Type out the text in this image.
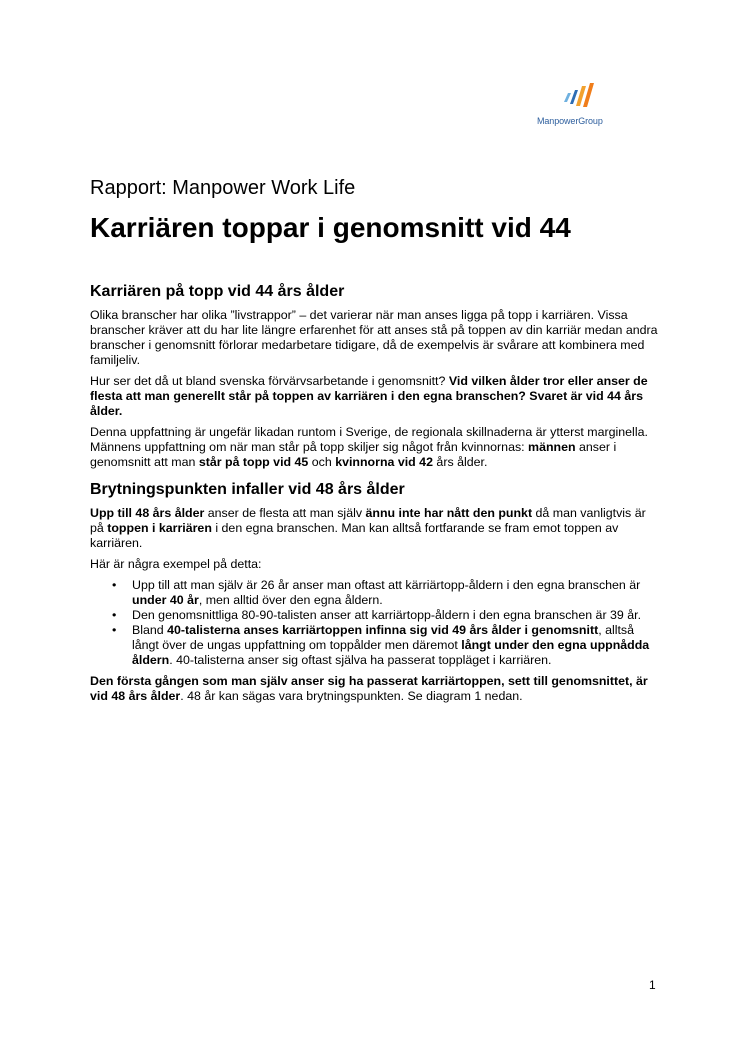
ManpowerGroup
Rapport: Manpower Work Life
Karriären toppar i genomsnitt vid 44
Karriären på topp vid 44 års ålder

Olika branscher har olika ”livstrappor” – det varierar när man anses ligga på topp i karriären. Vissa branscher kräver att du har lite längre erfarenhet för att anses stå på toppen av din karriär medan andra branscher i genomsnitt förlorar medarbetare tidigare, då de exempelvis är svårare att kombinera med familjeliv.

Hur ser det då ut bland svenska förvärvsarbetande i genomsnitt? Vid vilken ålder tror eller anser de flesta att man generellt står på toppen av karriären i den egna branschen? Svaret är vid 44 års ålder.

Denna uppfattning är ungefär likadan runtom i Sverige, de regionala skillnaderna är ytterst marginella. Männens uppfattning om när man står på topp skiljer sig något från kvinnornas: männen anser i genomsnitt att man står på topp vid 45 och kvinnorna vid 42 års ålder.

Brytningspunkten infaller vid 48 års ålder

Upp till 48 års ålder anser de flesta att man själv ännu inte har nått den punkt då man vanligtvis är på toppen i karriären i den egna branschen. Man kan alltså fortfarande se fram emot toppen av karriären.

Här är några exempel på detta:

• Upp till att man själv är 26 år anser man oftast att kärriärtopp-åldern i den egna branschen är under 40 år, men alltid över den egna åldern.
• Den genomsnittliga 80-90-talisten anser att karriärtopp-åldern i den egna branschen är 39 år.
• Bland 40-talisterna anses karriärtoppen infinna sig vid 49 års ålder i genomsnitt, alltså långt över de ungas uppfattning om toppålder men däremot långt under den egna uppnådda åldern. 40-talisterna anser sig oftast själva ha passerat toppläget i karriären.

Den första gången som man själv anser sig ha passerat karriärtoppen, sett till genomsnittet, är vid 48 års ålder. 48 år kan sägas vara brytningspunkten. Se diagram 1 nedan.

1
